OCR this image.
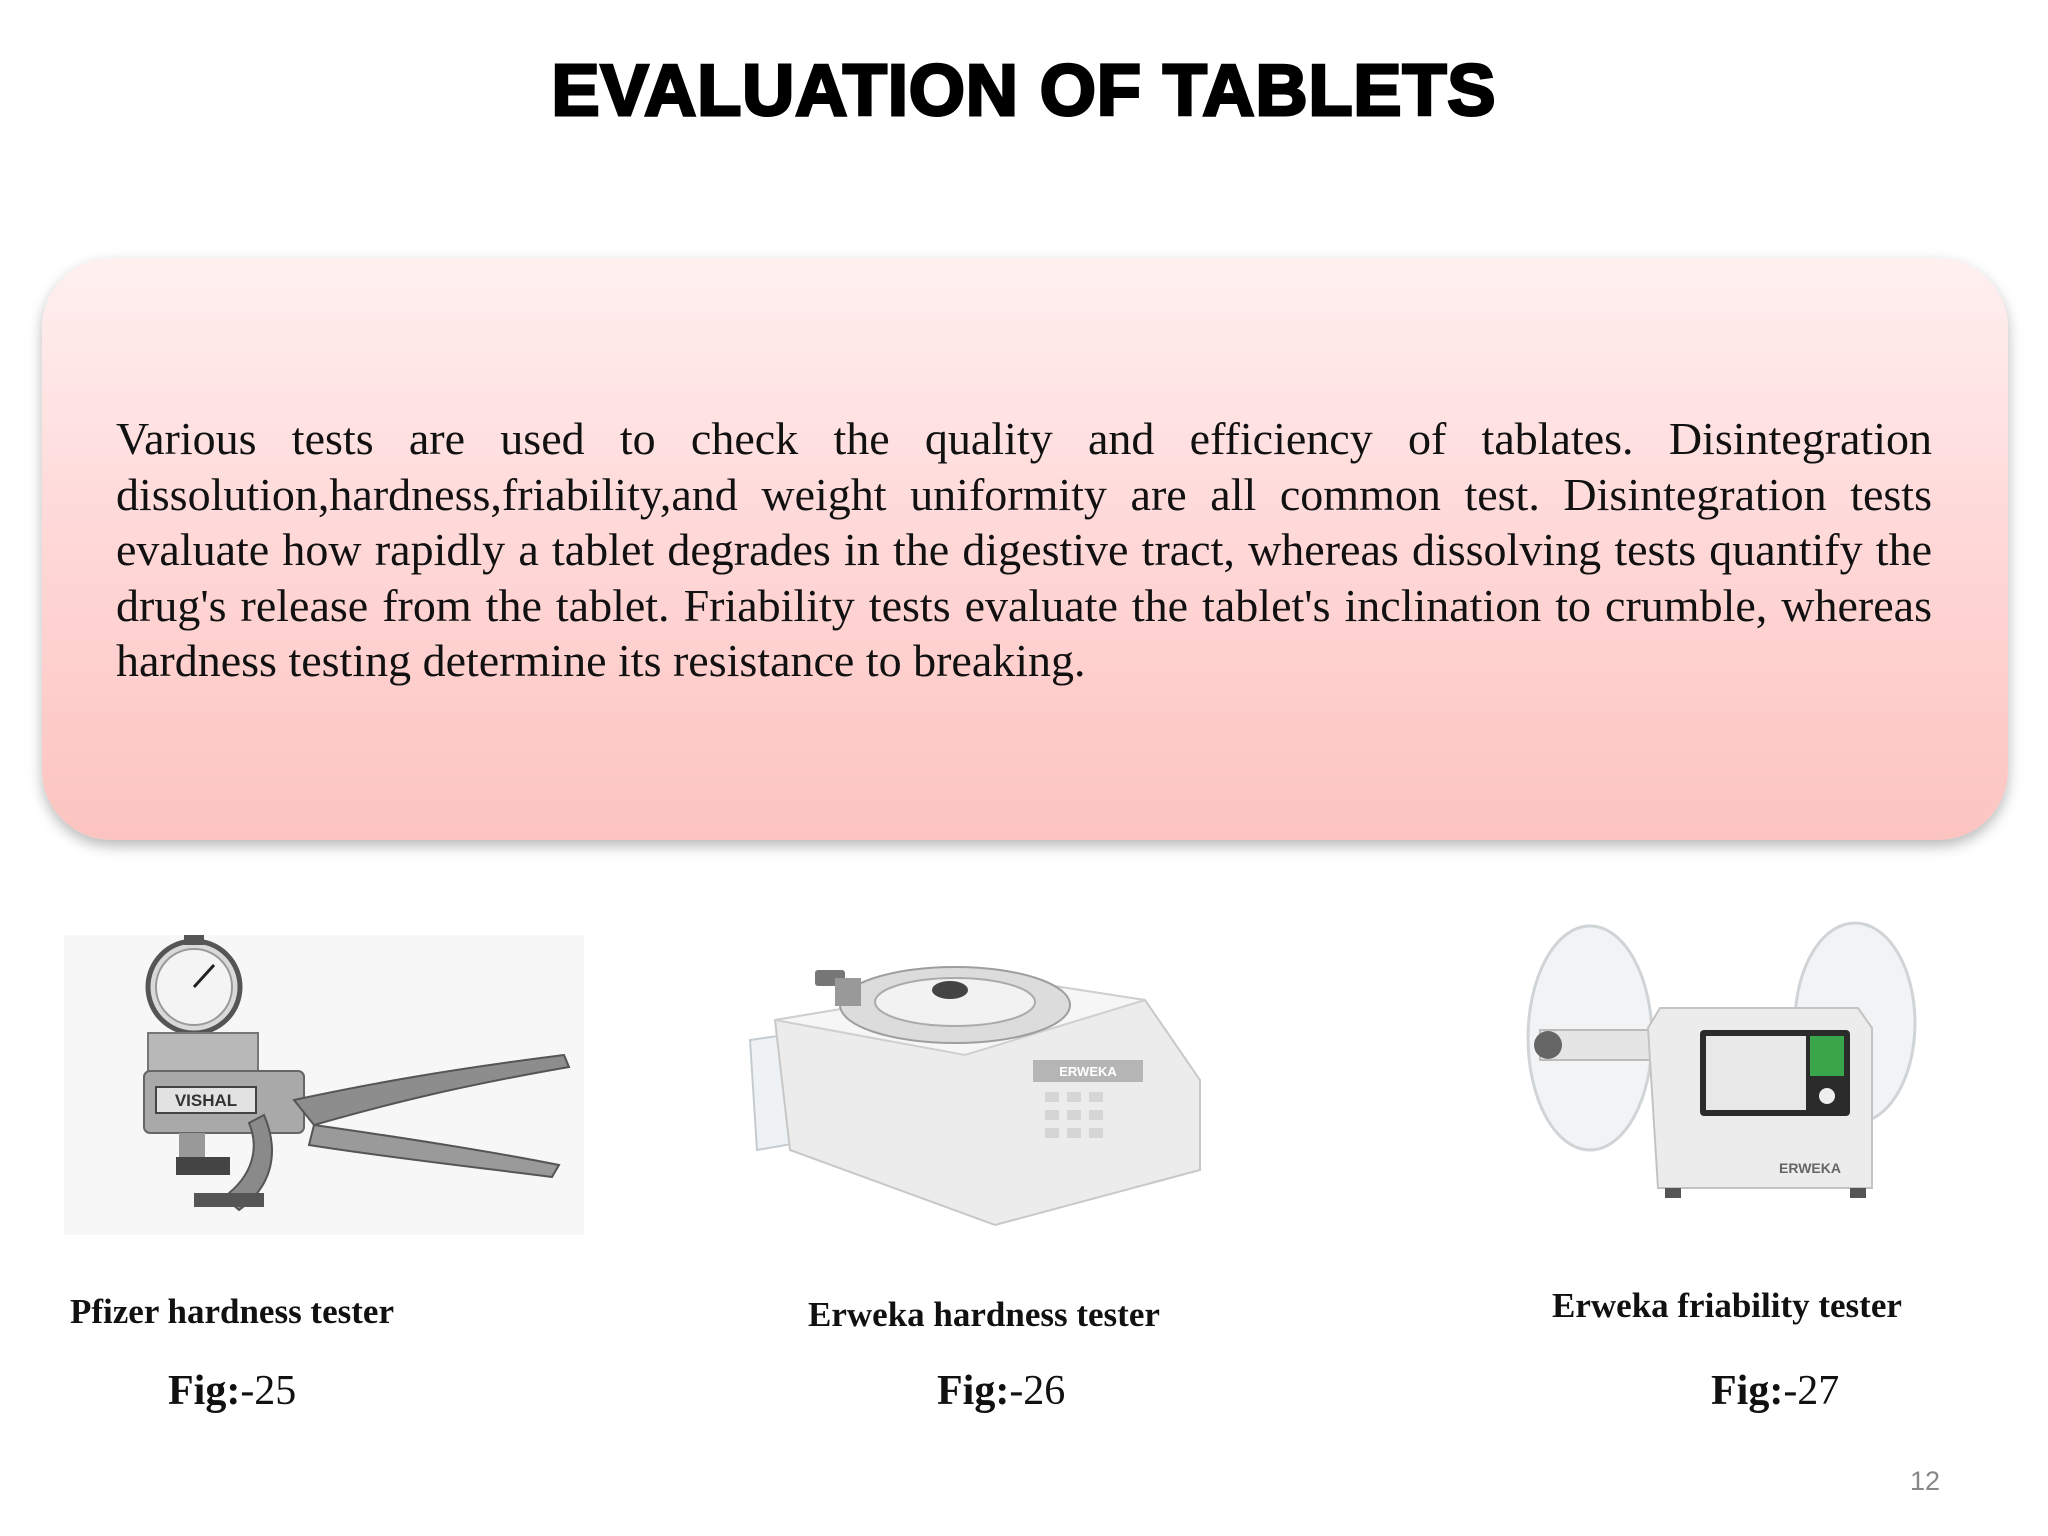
EVALUATION OF TABLETS
Various tests are used to check the quality and efficiency of tablates. Disintegration dissolution,hardness,friability,and weight uniformity are all common test. Disintegration tests evaluate how rapidly a tablet degrades in the digestive tract, whereas dissolving tests quantify the drug's release from the tablet. Friability tests evaluate the tablet's inclination to crumble, whereas hardness testing determine its resistance to breaking.
VISHAL
Pfizer hardness tester
Fig:-25
ERWEKA
Erweka hardness tester
Fig:-26
ERWEKA
Erweka friability tester
Fig:-27
12
